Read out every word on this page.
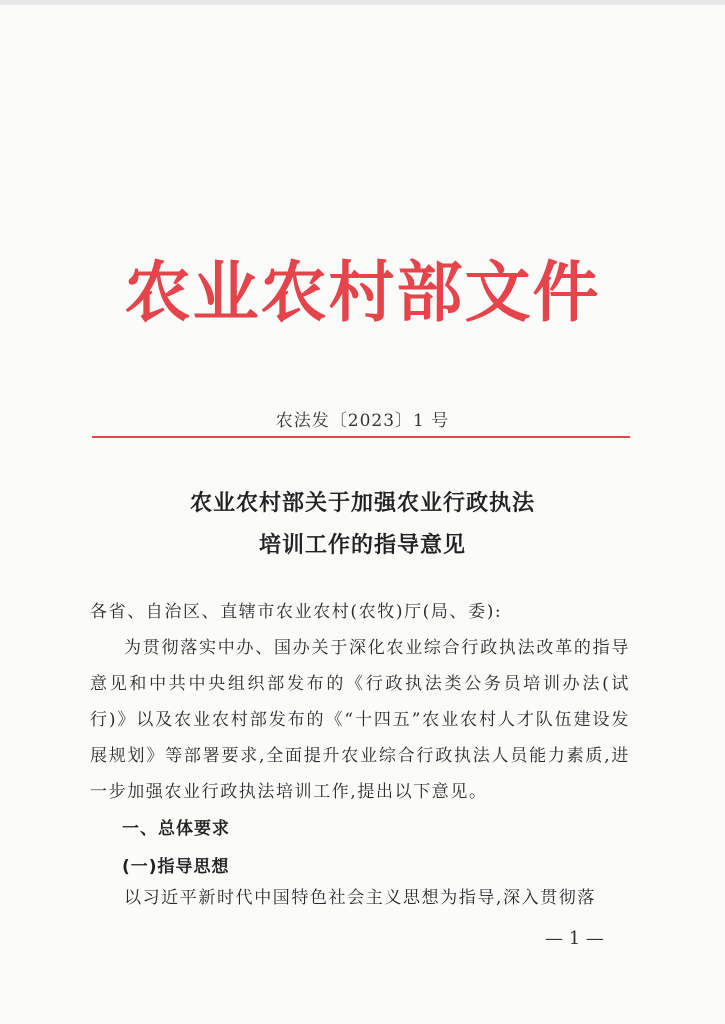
农业农村部文件
农法发〔2023〕1 号
农业农村部关于加强农业行政执法
培训工作的指导意见
各省、自治区、直辖市农业农村(农牧)厅(局、委):
为贯彻落实中办、国办关于深化农业综合行政执法改革的指导意见和中共中央组织部发布的《行政执法类公务员培训办法(试行)》以及农业农村部发布的《“十四五”农业农村人才队伍建设发展规划》等部署要求,全面提升农业综合行政执法人员能力素质,进一步加强农业行政执法培训工作,提出以下意见。
一、总体要求
(一)指导思想
以习近平新时代中国特色社会主义思想为指导,深入贯彻落
— 1 —
